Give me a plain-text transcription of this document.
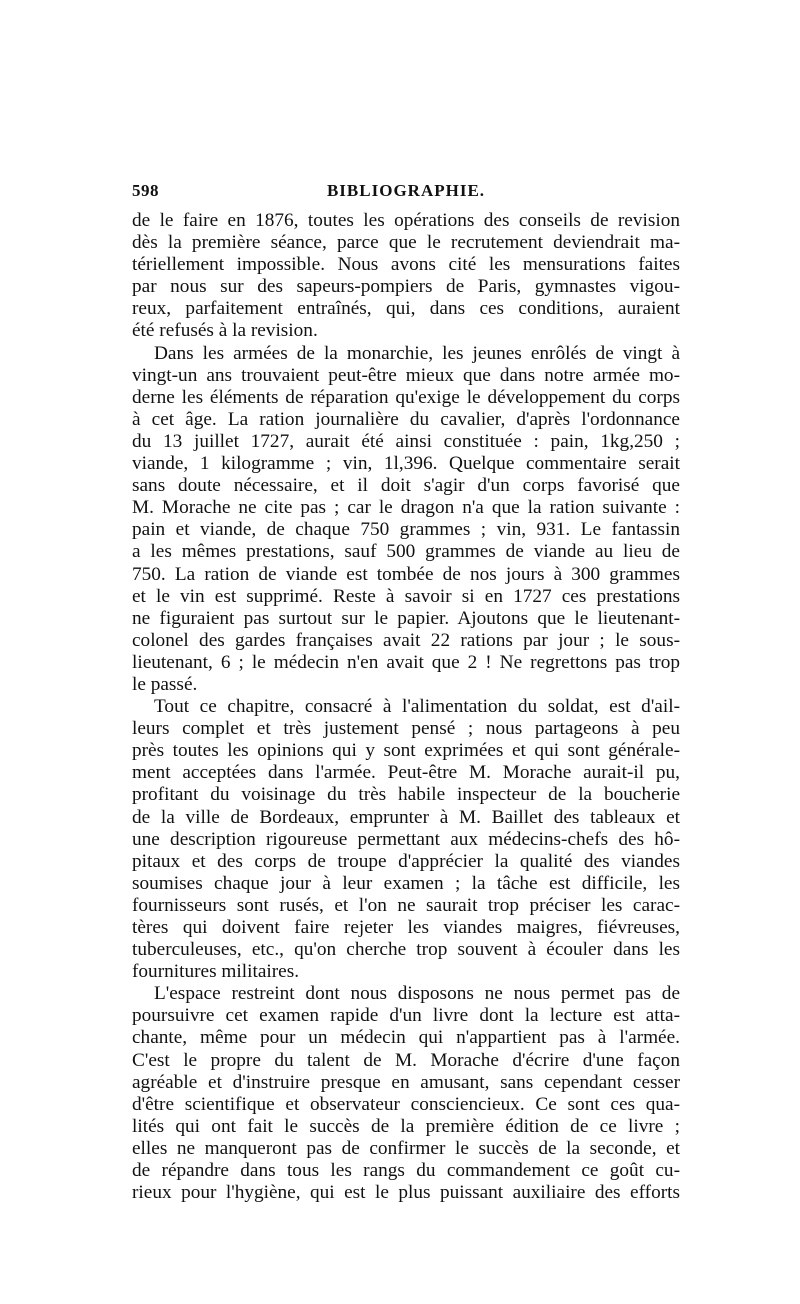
598	BIBLIOGRAPHIE.
de le faire en 1876, toutes les opérations des conseils de revision
dès la première séance, parce que le recrutement deviendrait ma-
tériellement impossible. Nous avons cité les mensurations faites
par nous sur des sapeurs-pompiers de Paris, gymnastes vigou-
reux, parfaitement entraînés, qui, dans ces conditions, auraient
été refusés à la revision.
Dans les armées de la monarchie, les jeunes enrôlés de vingt à
vingt-un ans trouvaient peut-être mieux que dans notre armée mo-
derne les éléments de réparation qu'exige le développement du corps
à cet âge. La ration journalière du cavalier, d'après l'ordonnance
du 13 juillet 1727, aurait été ainsi constituée : pain, 1kg,250 ;
viande, 1 kilogramme ; vin, 1l,396. Quelque commentaire serait
sans doute nécessaire, et il doit s'agir d'un corps favorisé que
M. Morache ne cite pas ; car le dragon n'a que la ration suivante :
pain et viande, de chaque 750 grammes ; vin, 931. Le fantassin
a les mêmes prestations, sauf 500 grammes de viande au lieu de
750. La ration de viande est tombée de nos jours à 300 grammes
et le vin est supprimé. Reste à savoir si en 1727 ces prestations
ne figuraient pas surtout sur le papier. Ajoutons que le lieutenant-
colonel des gardes françaises avait 22 rations par jour ; le sous-
lieutenant, 6 ; le médecin n'en avait que 2 ! Ne regrettons pas trop
le passé.
Tout ce chapitre, consacré à l'alimentation du soldat, est d'ail-
leurs complet et très justement pensé ; nous partageons à peu
près toutes les opinions qui y sont exprimées et qui sont générale-
ment acceptées dans l'armée. Peut-être M. Morache aurait-il pu,
profitant du voisinage du très habile inspecteur de la boucherie
de la ville de Bordeaux, emprunter à M. Baillet des tableaux et
une description rigoureuse permettant aux médecins-chefs des hô-
pitaux et des corps de troupe d'apprécier la qualité des viandes
soumises chaque jour à leur examen ; la tâche est difficile, les
fournisseurs sont rusés, et l'on ne saurait trop préciser les carac-
tères qui doivent faire rejeter les viandes maigres, fiévreuses,
tuberculeuses, etc., qu'on cherche trop souvent à écouler dans les
fournitures militaires.
L'espace restreint dont nous disposons ne nous permet pas de
poursuivre cet examen rapide d'un livre dont la lecture est atta-
chante, même pour un médecin qui n'appartient pas à l'armée.
C'est le propre du talent de M. Morache d'écrire d'une façon
agréable et d'instruire presque en amusant, sans cependant cesser
d'être scientifique et observateur consciencieux. Ce sont ces qua-
lités qui ont fait le succès de la première édition de ce livre ;
elles ne manqueront pas de confirmer le succès de la seconde, et
de répandre dans tous les rangs du commandement ce goût cu-
rieux pour l'hygiène, qui est le plus puissant auxiliaire des efforts
